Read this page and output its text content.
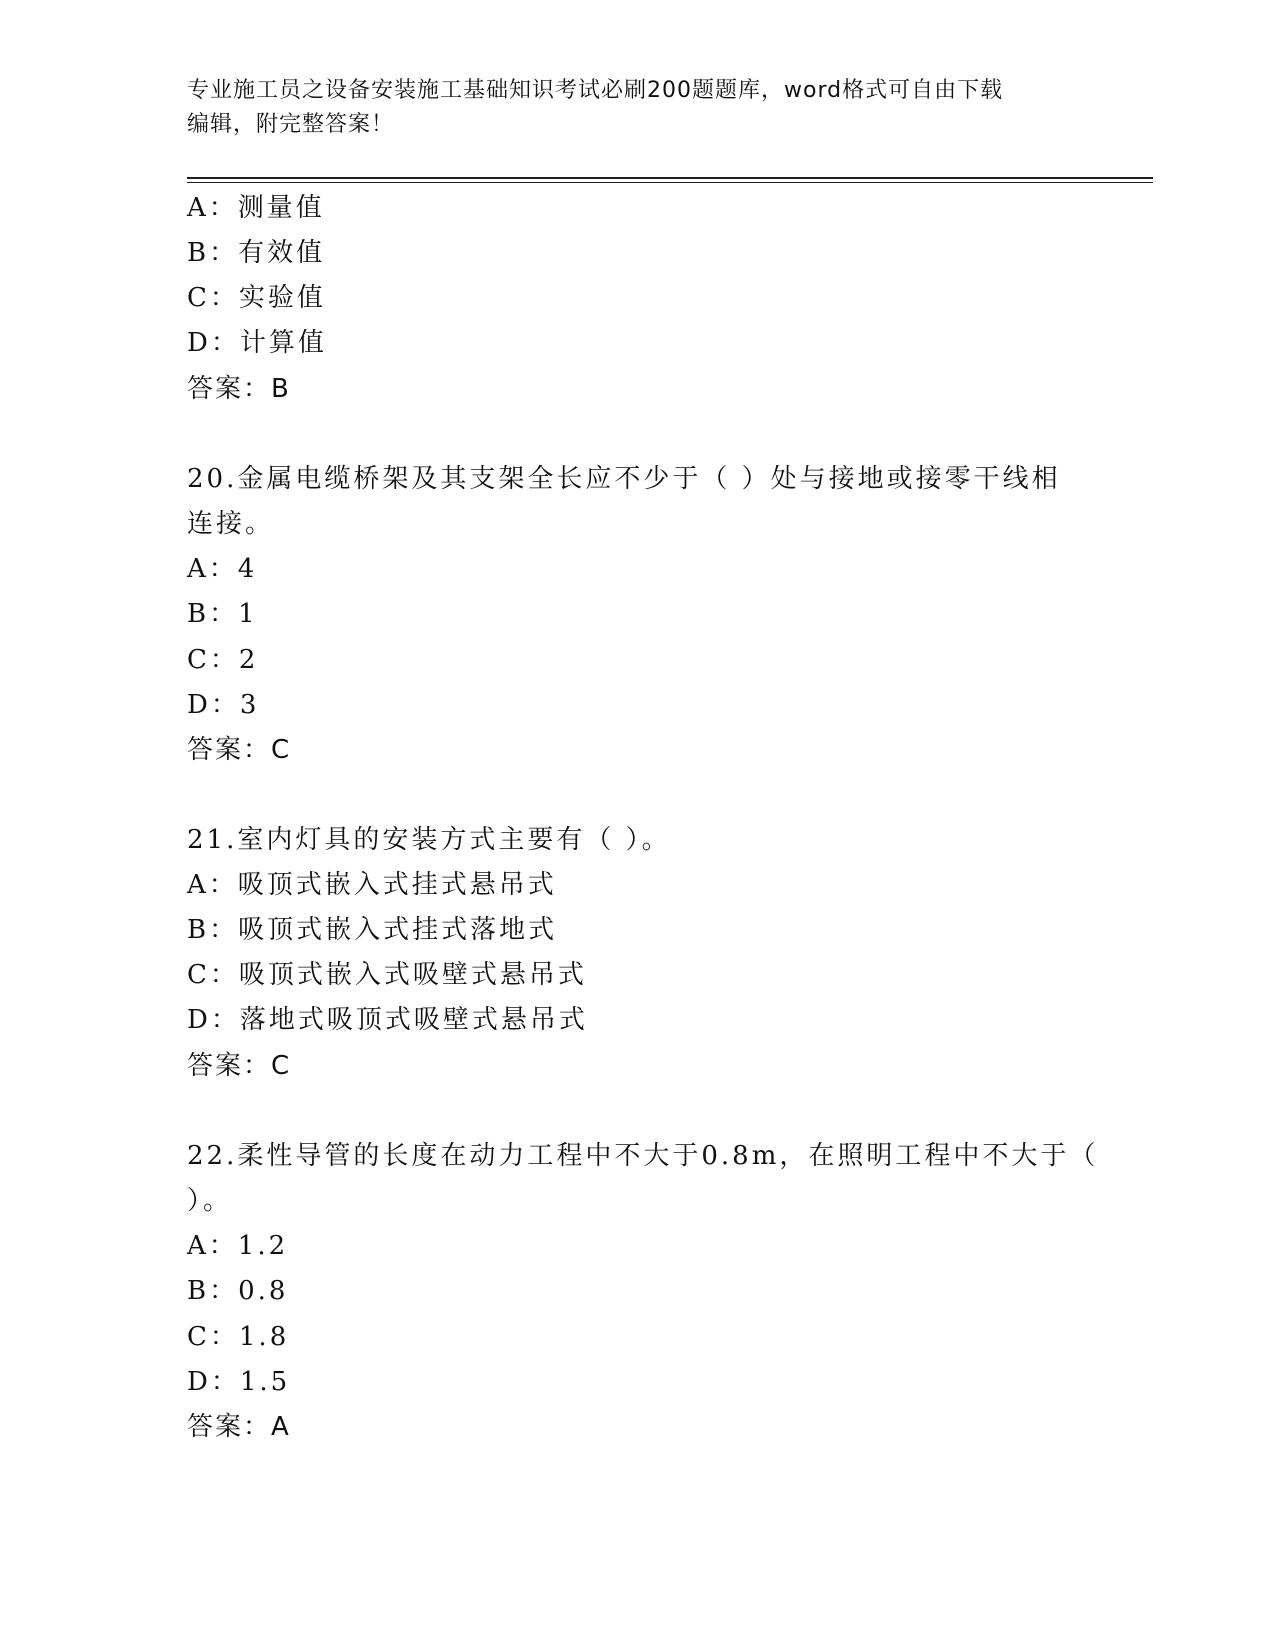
专业施工员之设备安装施工基础知识考试必刷200题题库，word格式可自由下载
编辑，附完整答案！
A：测量值
B：有效值
C：实验值
D：计算值
答案：B
20.金属电缆桥架及其支架全长应不少于（ ）处与接地或接零干线相
连接。
A：4
B：1
C：2
D：3
答案：C
21.室内灯具的安装方式主要有（ ）。
A：吸顶式嵌入式挂式悬吊式
B：吸顶式嵌入式挂式落地式
C：吸顶式嵌入式吸壁式悬吊式
D：落地式吸顶式吸壁式悬吊式
答案：C
22.柔性导管的长度在动力工程中不大于0.8m，在照明工程中不大于（
）。
A：1.2
B：0.8
C：1.8
D：1.5
答案：A
